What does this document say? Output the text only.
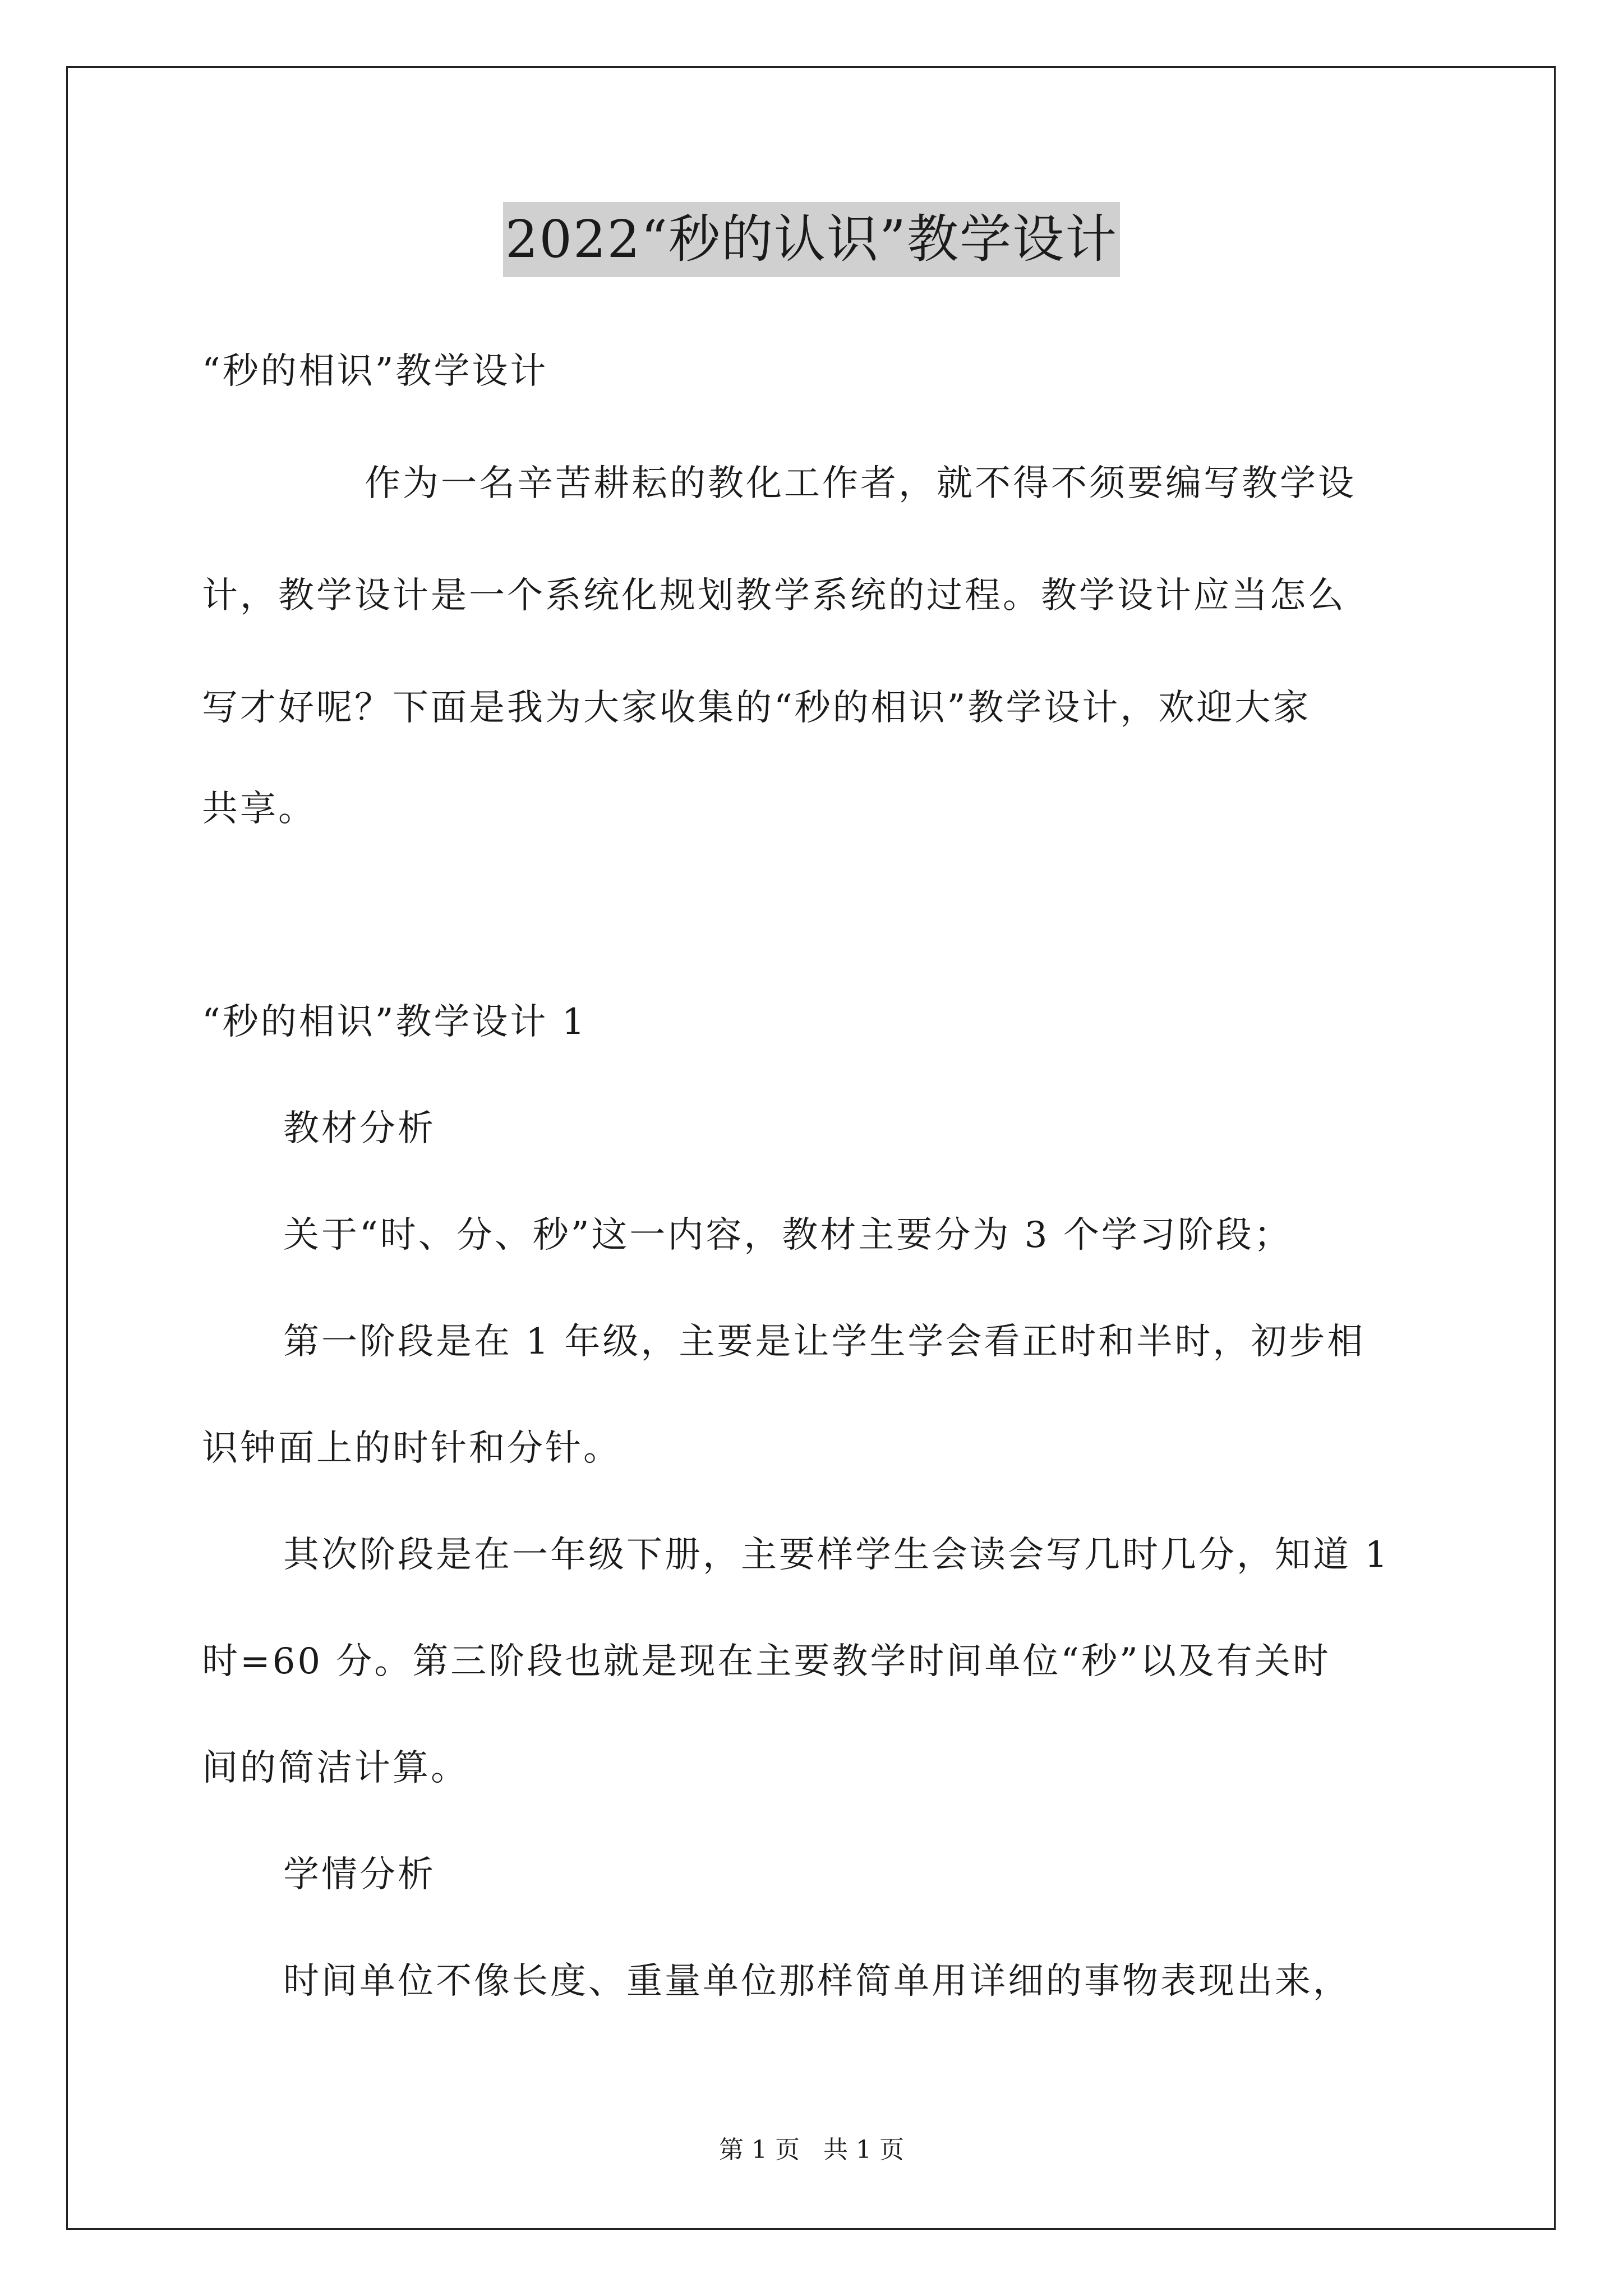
2022“秒的认识”教学设计
“秒的相识”教学设计
作为一名辛苦耕耘的教化工作者，就不得不须要编写教学设
计，教学设计是一个系统化规划教学系统的过程。教学设计应当怎么
写才好呢？下面是我为大家收集的“秒的相识”教学设计，欢迎大家
共享。
“秒的相识”教学设计 1
教材分析
关于“时、分、秒”这一内容，教材主要分为 3 个学习阶段；
第一阶段是在 1 年级，主要是让学生学会看正时和半时，初步相
识钟面上的时针和分针。
其次阶段是在一年级下册，主要样学生会读会写几时几分，知道 1
时=60 分。第三阶段也就是现在主要教学时间单位“秒”以及有关时
间的简洁计算。
学情分析
时间单位不像长度、重量单位那样简单用详细的事物表现出来，
第 1 页   共 1 页
